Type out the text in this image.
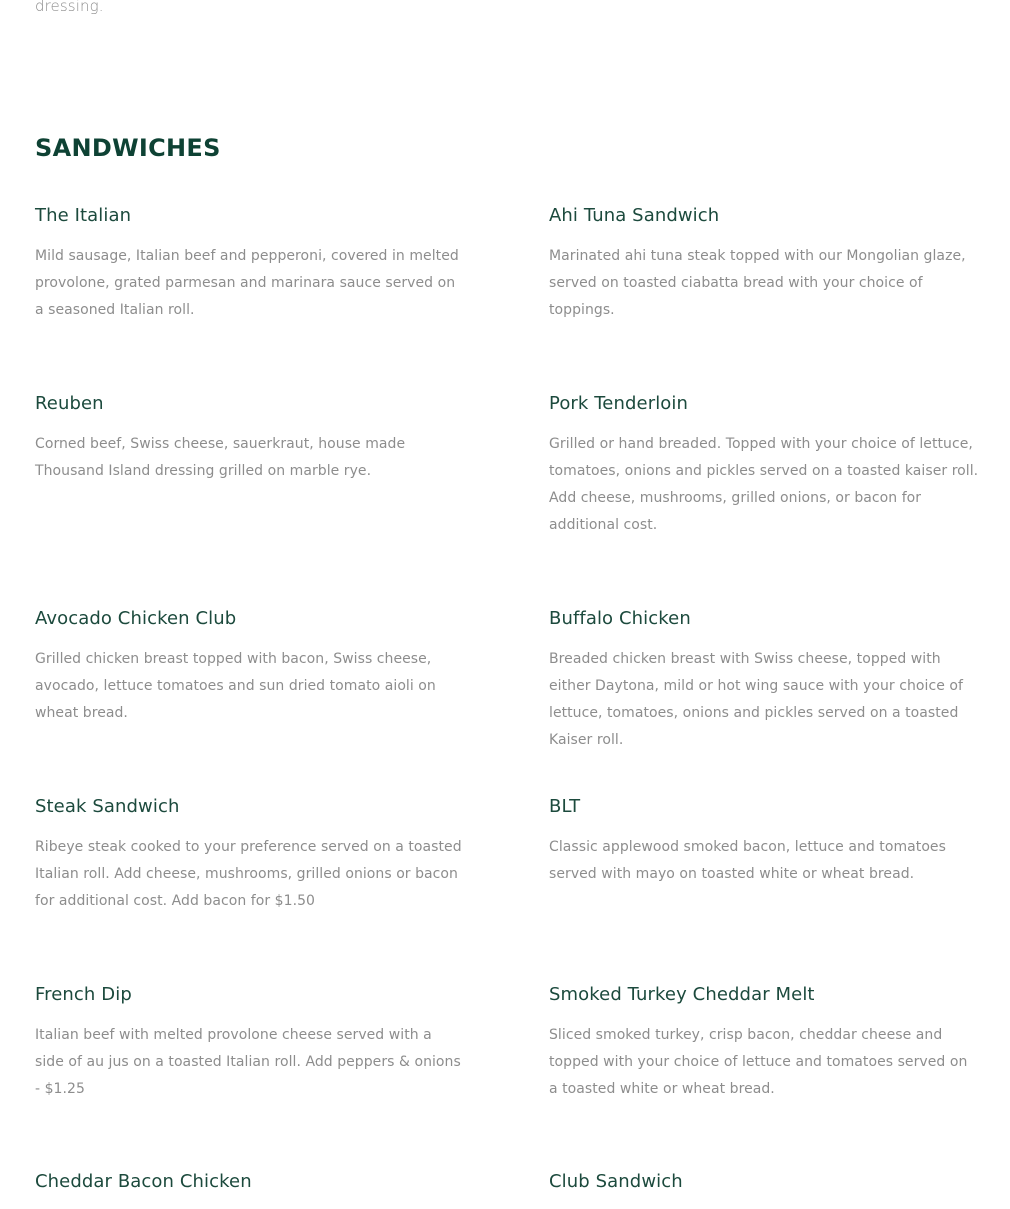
dressing.
SANDWICHES
The Italian

Mild sausage, Italian beef and pepperoni, covered in melted provolone, grated parmesan and marinara sauce served on a seasoned Italian roll.

Ahi Tuna Sandwich

Marinated ahi tuna steak topped with our Mongolian glaze, served on toasted ciabatta bread with your choice of toppings.

Reuben

Corned beef, Swiss cheese, sauerkraut, house made Thousand Island dressing grilled on marble rye.

Pork Tenderloin

Grilled or hand breaded. Topped with your choice of lettuce, tomatoes, onions and pickles served on a toasted kaiser roll. Add cheese, mushrooms, grilled onions, or bacon for additional cost.

Avocado Chicken Club

Grilled chicken breast topped with bacon, Swiss cheese, avocado, lettuce tomatoes and sun dried tomato aioli on wheat bread.

Buffalo Chicken

Breaded chicken breast with Swiss cheese, topped with either Daytona, mild or hot wing sauce with your choice of lettuce, tomatoes, onions and pickles served on a toasted Kaiser roll.

Steak Sandwich

Ribeye steak cooked to your preference served on a toasted Italian roll. Add cheese, mushrooms, grilled onions or bacon for additional cost. Add bacon for $1.50

BLT

Classic applewood smoked bacon, lettuce and tomatoes served with mayo on toasted white or wheat bread.

French Dip

Italian beef with melted provolone cheese served with a side of au jus on a toasted Italian roll. Add peppers & onions - $1.25

Smoked Turkey Cheddar Melt

Sliced smoked turkey, crisp bacon, cheddar cheese and topped with your choice of lettuce and tomatoes served on a toasted white or wheat bread.

Cheddar Bacon Chicken	Club Sandwich
